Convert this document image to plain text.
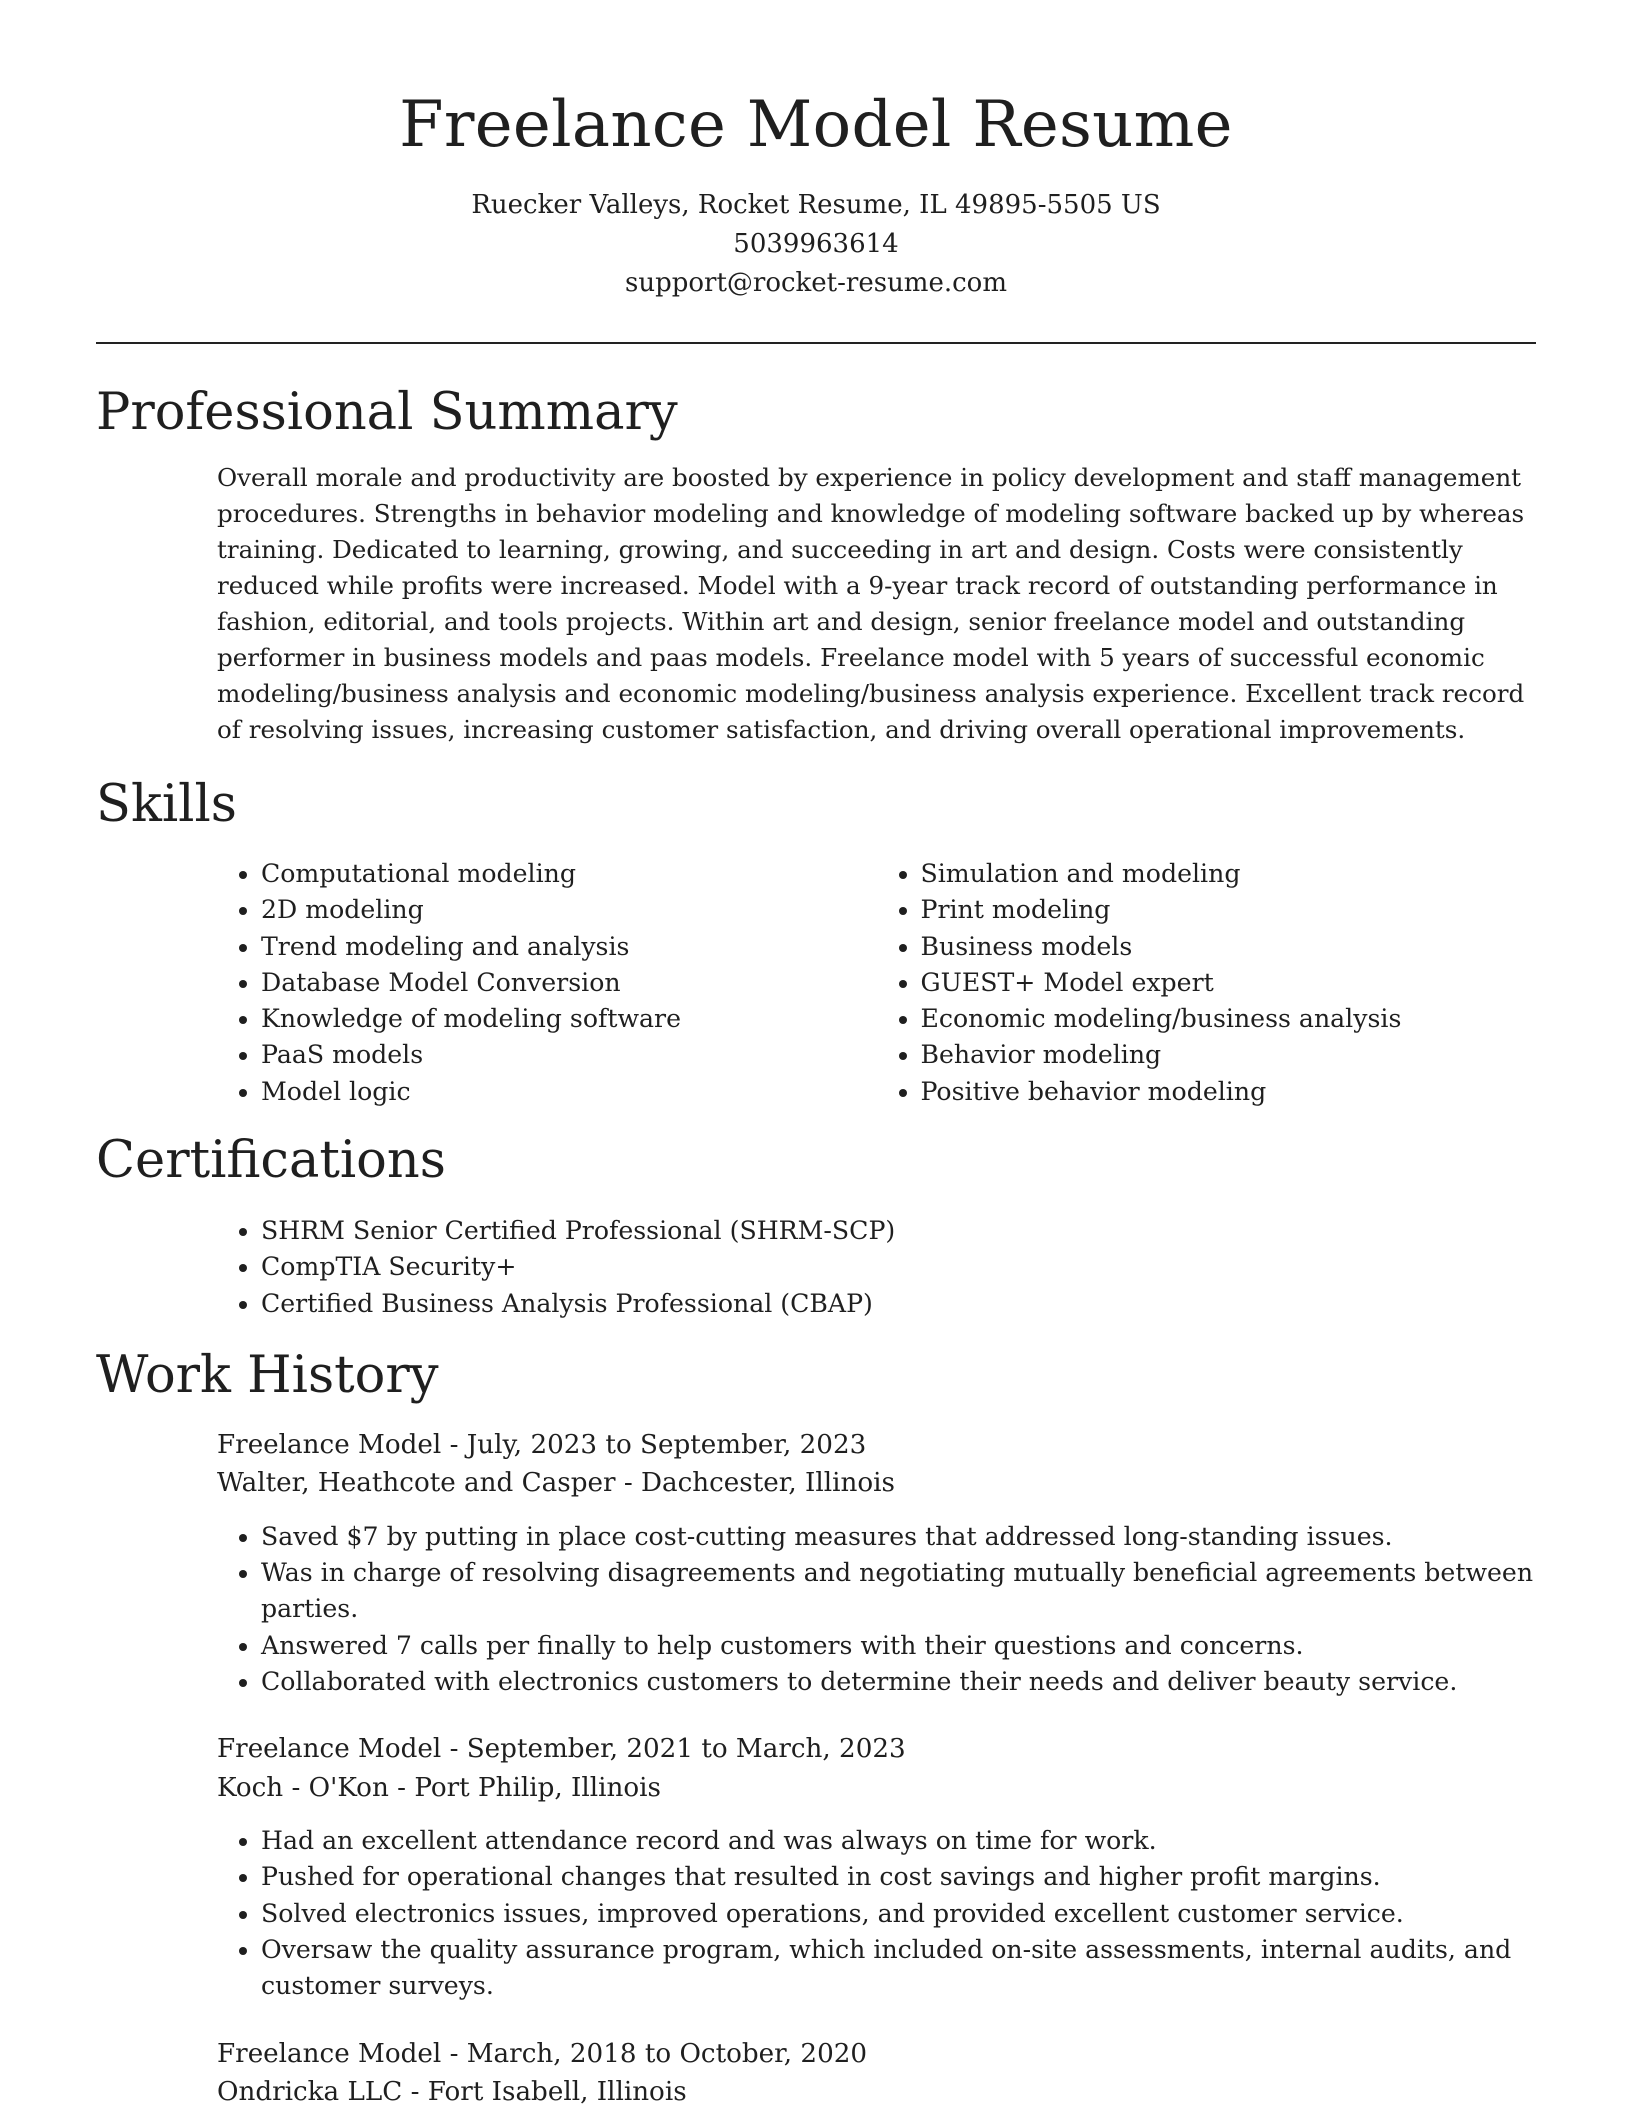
Freelance Model Resume
Ruecker Valleys, Rocket Resume, IL 49895-5505 US
5039963614
support@rocket-resume.com
Professional Summary

Overall morale and productivity are boosted by experience in policy development and staff management procedures. Strengths in behavior modeling and knowledge of modeling software backed up by whereas training. Dedicated to learning, growing, and succeeding in art and design. Costs were consistently reduced while profits were increased. Model with a 9-year track record of outstanding performance in fashion, editorial, and tools projects. Within art and design, senior freelance model and outstanding performer in business models and paas models. Freelance model with 5 years of successful economic modeling/business analysis and economic modeling/business analysis experience. Excellent track record of resolving issues, increasing customer satisfaction, and driving overall operational improvements.

Skills
• Computational modeling
• 2D modeling
• Trend modeling and analysis
• Database Model Conversion
• Knowledge of modeling software
• PaaS models
• Model logic
• Simulation and modeling
• Print modeling
• Business models
• GUEST+ Model expert
• Economic modeling/business analysis
• Behavior modeling
• Positive behavior modeling
Certifications
• SHRM Senior Certified Professional (SHRM-SCP)
• CompTIA Security+
• Certified Business Analysis Professional (CBAP)
Work History
Freelance Model - July, 2023 to September, 2023
Walter, Heathcote and Casper - Dachcester, Illinois
• Saved $7 by putting in place cost-cutting measures that addressed long-standing issues.
• Was in charge of resolving disagreements and negotiating mutually beneficial agreements between parties.
• Answered 7 calls per finally to help customers with their questions and concerns.
• Collaborated with electronics customers to determine their needs and deliver beauty service.
Freelance Model - September, 2021 to March, 2023
Koch - O'Kon - Port Philip, Illinois
• Had an excellent attendance record and was always on time for work.
• Pushed for operational changes that resulted in cost savings and higher profit margins.
• Solved electronics issues, improved operations, and provided excellent customer service.
• Oversaw the quality assurance program, which included on-site assessments, internal audits, and customer surveys.
Freelance Model - March, 2018 to October, 2020
Ondricka LLC - Fort Isabell, Illinois
